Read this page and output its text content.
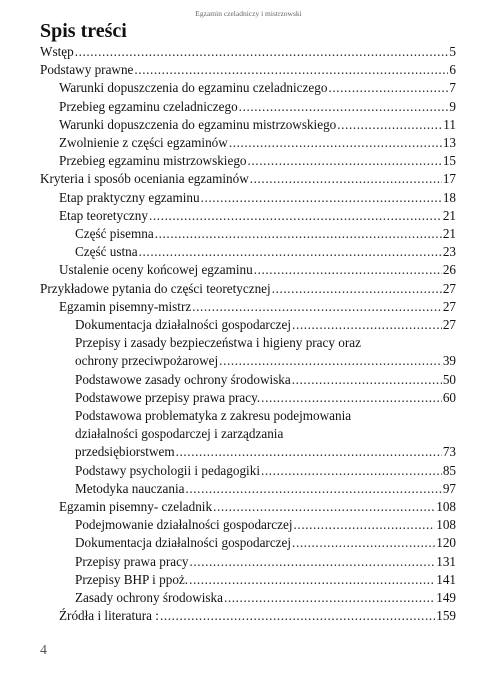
Egzamin czeladniczy i mistrzowski
Spis treści
Wstęp .....	5
Podstawy prawne .....	6
Warunki dopuszczenia do egzaminu czeladniczego .....	7
Przebieg egzaminu czeladniczego .....	9
Warunki dopuszczenia do egzaminu mistrzowskiego .....	11
Zwolnienie z części egzaminów .....	13
Przebieg egzaminu mistrzowskiego .....	15
Kryteria i sposób oceniania egzaminów .....	17
Etap praktyczny egzaminu .....	18
Etap teoretyczny .....	21
Część pisemna .....	21
Część ustna .....	23
Ustalenie oceny końcowej egzaminu .....	26
Przykładowe pytania do części teoretycznej .....	27
Egzamin pisemny-mistrz .....	27
Dokumentacja działalności gospodarczej .....	27
Przepisy i zasady bezpieczeństwa i higieny pracy oraz
ochrony przeciwpożarowej .....	39
Podstawowe zasady ochrony środowiska .....	50
Podstawowe przepisy prawa pracy. .....	60
Podstawowa problematyka z zakresu podejmowania
działalności gospodarczej i zarządzania
przedsiębiorstwem .....	73
Podstawy psychologii i pedagogiki .....	85
Metodyka nauczania .....	97
Egzamin pisemny- czeladnik .....	108
Podejmowanie działalności gospodarczej .....	108
Dokumentacja działalności gospodarczej .....	120
Przepisy prawa pracy .....	131
Przepisy BHP i ppoż. .....	141
Zasady ochrony środowiska .....	149
Źródła i literatura : .....	159
4
